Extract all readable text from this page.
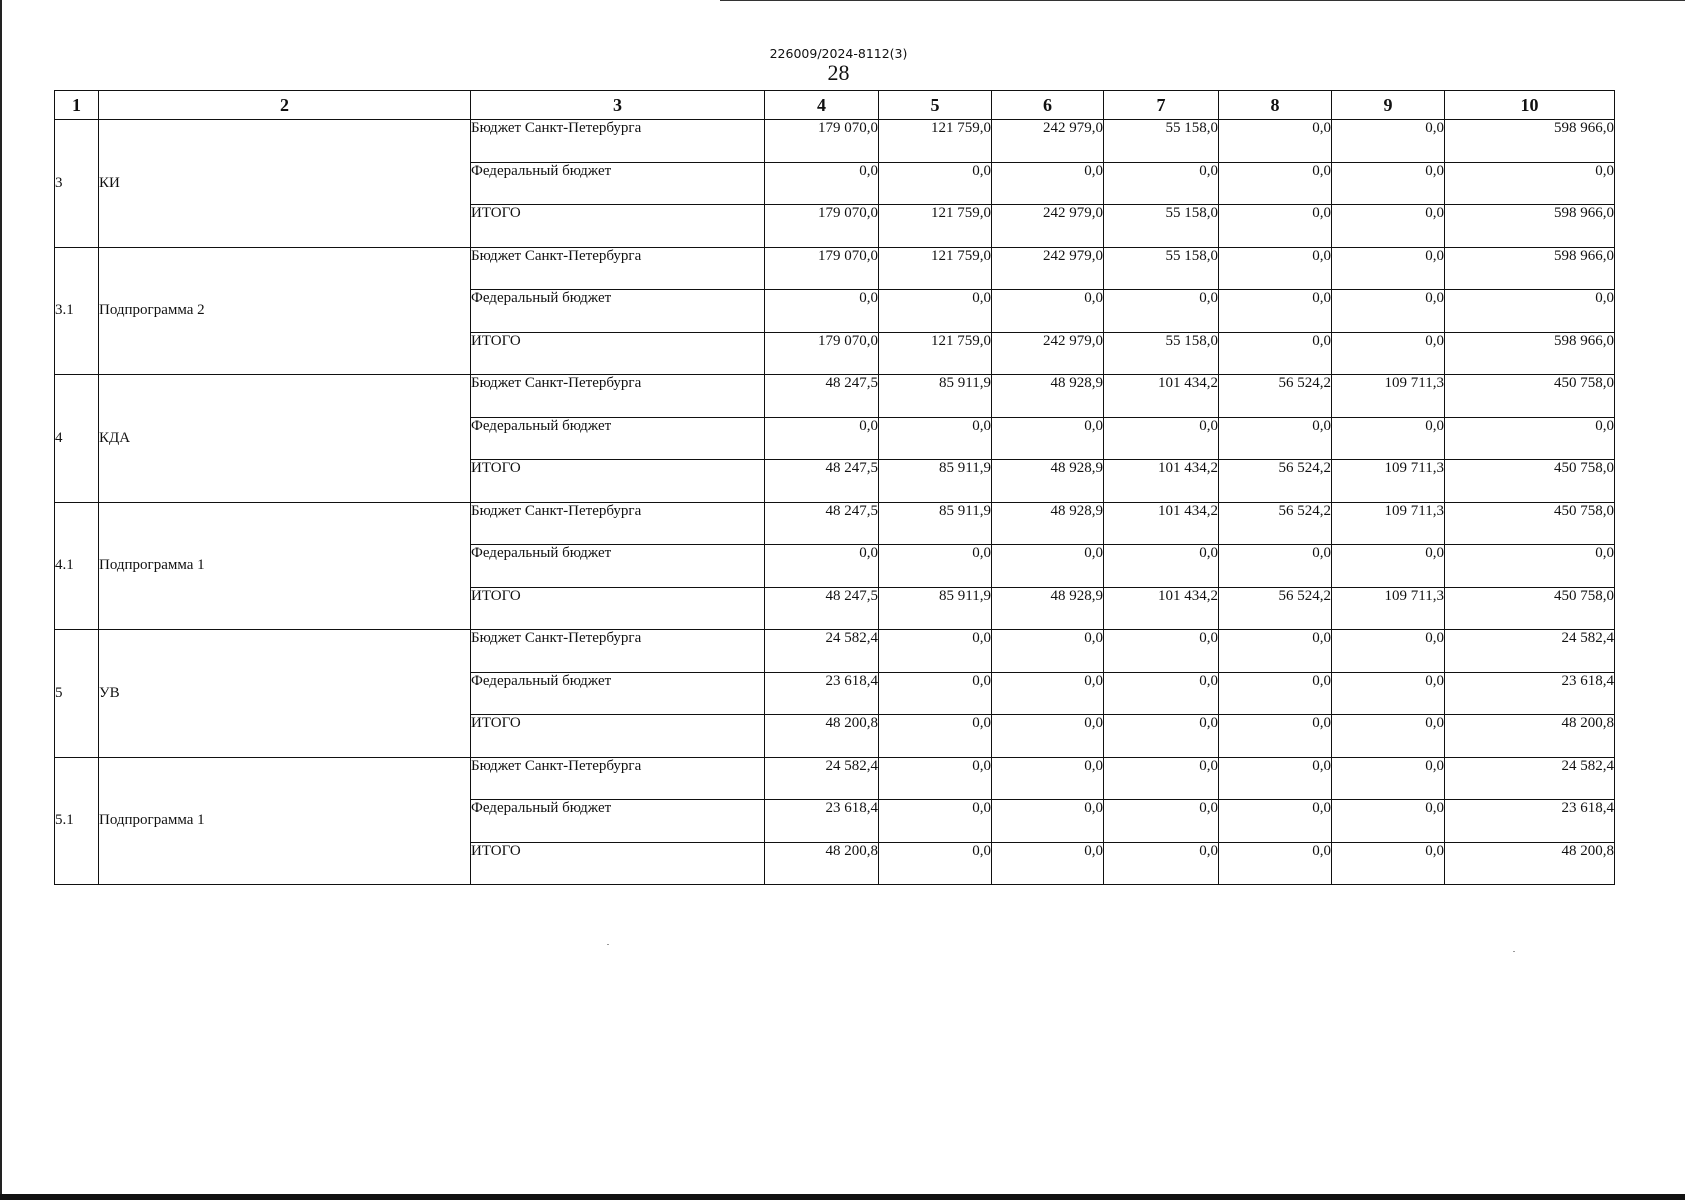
226009/2024-8112(3)
28
1	2	3	4	5	6	7	8	9	10
3	КИ	Бюджет Санкт-Петербурга	179 070,0	121 759,0	242 979,0	55 158,0	0,0	0,0	598 966,0
		Федеральный бюджет	0,0	0,0	0,0	0,0	0,0	0,0	0,0
		ИТОГО	179 070,0	121 759,0	242 979,0	55 158,0	0,0	0,0	598 966,0
3.1	Подпрограмма 2	Бюджет Санкт-Петербурга	179 070,0	121 759,0	242 979,0	55 158,0	0,0	0,0	598 966,0
		Федеральный бюджет	0,0	0,0	0,0	0,0	0,0	0,0	0,0
		ИТОГО	179 070,0	121 759,0	242 979,0	55 158,0	0,0	0,0	598 966,0
4	КДА	Бюджет Санкт-Петербурга	48 247,5	85 911,9	48 928,9	101 434,2	56 524,2	109 711,3	450 758,0
		Федеральный бюджет	0,0	0,0	0,0	0,0	0,0	0,0	0,0
		ИТОГО	48 247,5	85 911,9	48 928,9	101 434,2	56 524,2	109 711,3	450 758,0
4.1	Подпрограмма 1	Бюджет Санкт-Петербурга	48 247,5	85 911,9	48 928,9	101 434,2	56 524,2	109 711,3	450 758,0
		Федеральный бюджет	0,0	0,0	0,0	0,0	0,0	0,0	0,0
		ИТОГО	48 247,5	85 911,9	48 928,9	101 434,2	56 524,2	109 711,3	450 758,0
5	УВ	Бюджет Санкт-Петербурга	24 582,4	0,0	0,0	0,0	0,0	0,0	24 582,4
		Федеральный бюджет	23 618,4	0,0	0,0	0,0	0,0	0,0	23 618,4
		ИТОГО	48 200,8	0,0	0,0	0,0	0,0	0,0	48 200,8
5.1	Подпрограмма 1	Бюджет Санкт-Петербурга	24 582,4	0,0	0,0	0,0	0,0	0,0	24 582,4
		Федеральный бюджет	23 618,4	0,0	0,0	0,0	0,0	0,0	23 618,4
		ИТОГО	48 200,8	0,0	0,0	0,0	0,0	0,0	48 200,8
